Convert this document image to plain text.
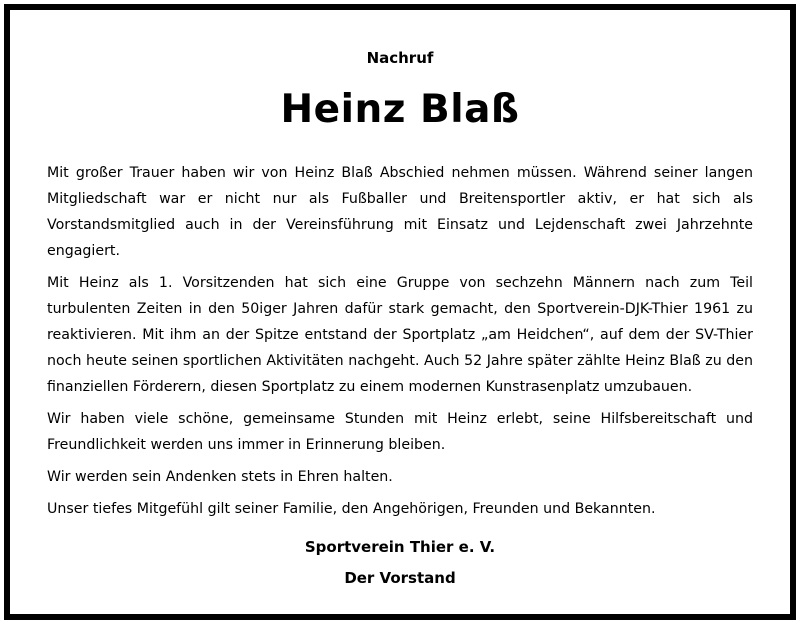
Nachruf
Heinz Blaß

Mit großer Trauer haben wir von Heinz Blaß Abschied nehmen müssen. Während seiner langen Mitgliedschaft war er nicht nur als Fußballer und Breitensportler aktiv, er hat sich als Vorstandsmitglied auch in der Vereinsführung mit Einsatz und Lejdenschaft zwei Jahrzehnte engagiert.

Mit Heinz als 1. Vorsitzenden hat sich eine Gruppe von sechzehn Männern nach zum Teil turbulenten Zeiten in den 50iger Jahren dafür stark gemacht, den Sportverein-DJK-Thier 1961 zu reaktivieren. Mit ihm an der Spitze entstand der Sportplatz „am Heidchen“, auf dem der SV-Thier noch heute seinen sportlichen Aktivitäten nachgeht. Auch 52 Jahre später zählte Heinz Blaß zu den finanziellen Förderern, diesen Sportplatz zu einem modernen Kunstrasenplatz umzubauen.

Wir haben viele schöne, gemeinsame Stunden mit Heinz erlebt, seine Hilfsbereitschaft und Freundlichkeit werden uns immer in Erinnerung bleiben.

Wir werden sein Andenken stets in Ehren halten.

Unser tiefes Mitgefühl gilt seiner Familie, den Angehörigen, Freunden und Bekannten.

Sportverein Thier e. V.
Der Vorstand
